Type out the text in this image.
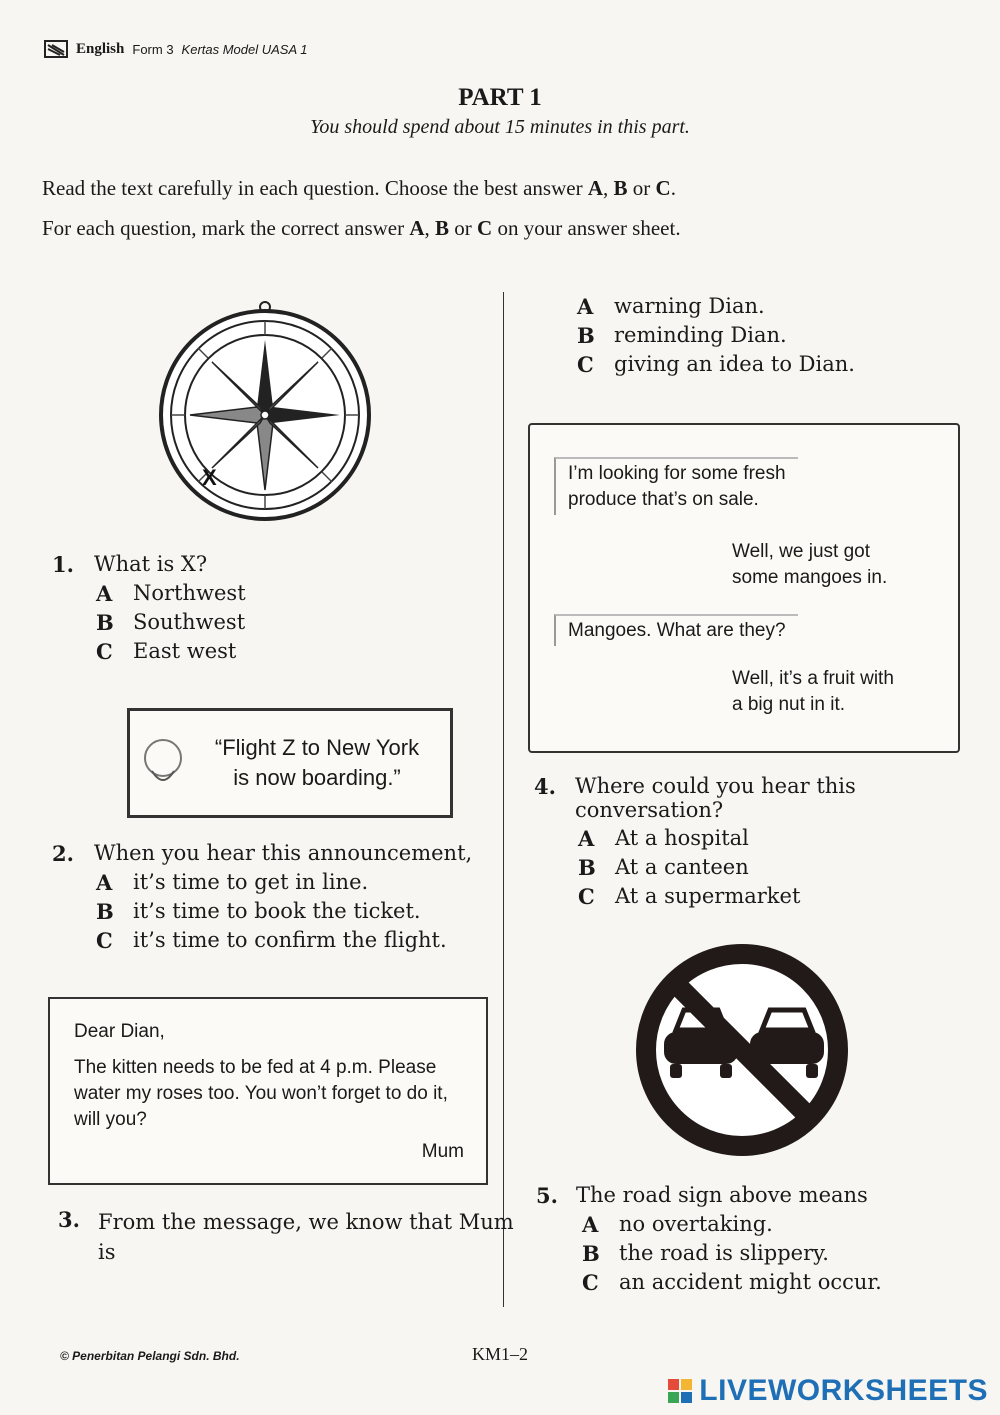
English Form 3 Kertas Model UASA 1
PART 1
You should spend about 15 minutes in this part.
Read the text carefully in each question. Choose the best answer A, B or C.
For each question, mark the correct answer A, B or C on your answer sheet.
X
1. What is X?
A Northwest
B Southwest
C East west
“Flight Z to New York
is now boarding.”
2. When you hear this announcement,
A it’s time to get in line.
B it’s time to book the ticket.
C it’s time to confirm the flight.
Dear Dian,
The kitten needs to be fed at 4 p.m. Please water my roses too. You won’t forget to do it, will you?
Mum
3. From the message, we know that Mum
is
A warning Dian.
B reminding Dian.
C giving an idea to Dian.
I’m looking for some fresh
produce that’s on sale.
Well, we just got
some mangoes in.
Mangoes. What are they?
Well, it’s a fruit with
a big nut in it.
4. Where could you hear this conversation?
A At a hospital
B At a canteen
C At a supermarket
5. The road sign above means
A no overtaking.
B the road is slippery.
C an accident might occur.
© Penerbitan Pelangi Sdn. Bhd.	KM1–2
LIVEWORKSHEETS
